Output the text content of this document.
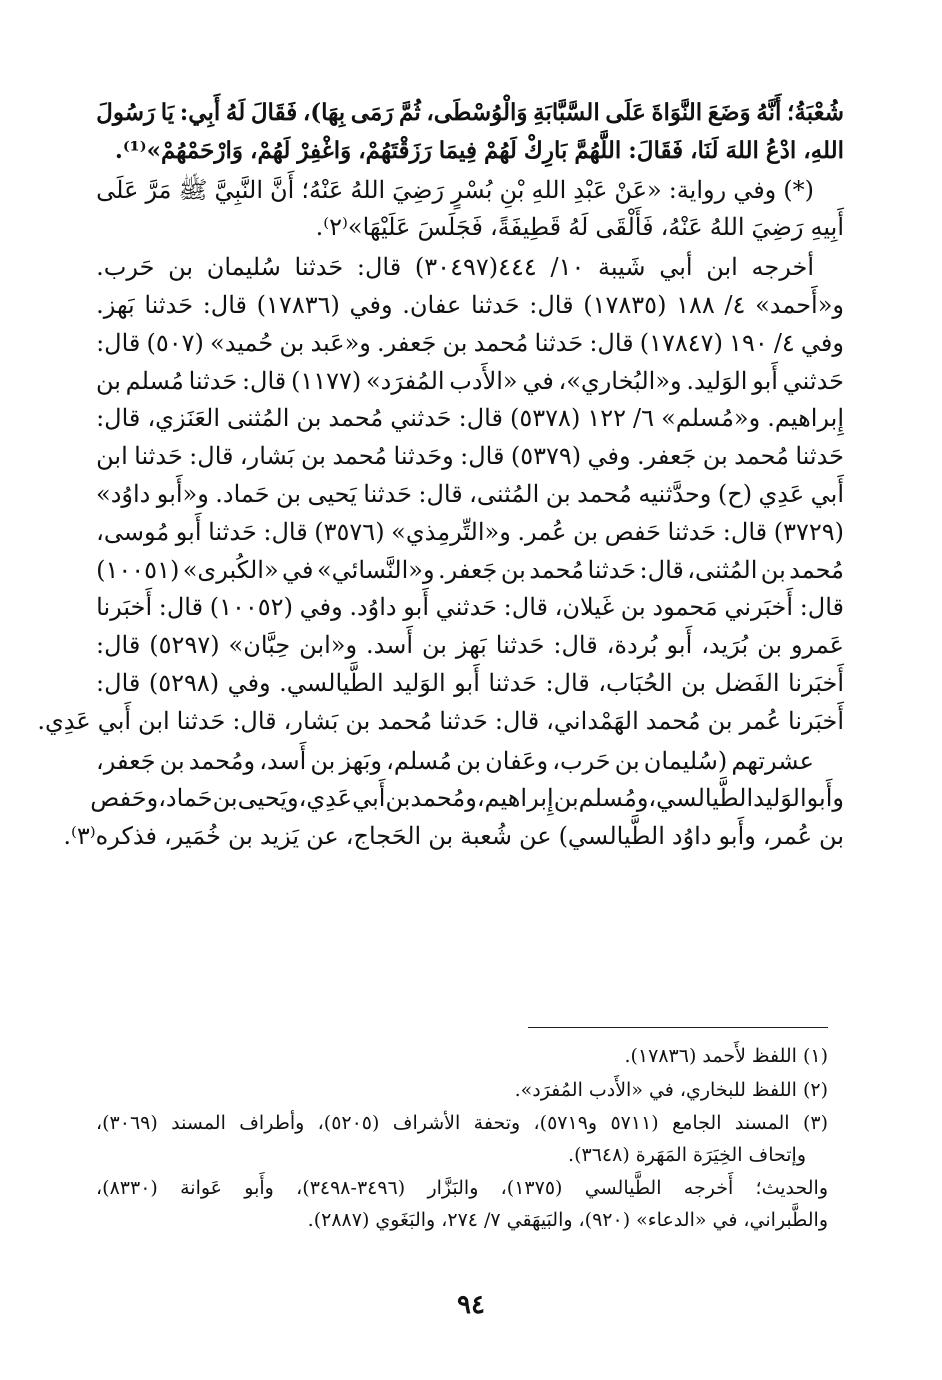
شُعْبَةُ؛
أَنَّهُ
وَضَعَ
النَّوَاةَ
عَلَى
السَّبَّابَةِ
وَالْوُسْطَى،
ثُمَّ
رَمَى
بِهَا)،
فَقَالَ
لَهُ
أَبِي:
يَا
رَسُولَ
اللهِ،
ادْعُ
اللهَ
لَنَا،
فَقَالَ:
اللَّهُمَّ
بَارِكْ
لَهُمْ
فِيمَا
رَزَقْتَهُمْ،
وَاغْفِرْ
لَهُمْ،
وَارْحَمْهُمْ»⁽¹⁾.
(*)
وفي
رواية:
«عَنْ
عَبْدِ
اللهِ
بْنِ
بُسْرٍ
رَضِيَ
اللهُ
عَنْهُ؛
أَنَّ
النَّبِيَّ
ﷺ
مَرَّ
عَلَى
أَبِيهِ
رَضِيَ
اللهُ
عَنْهُ،
فَأَلْقَى
لَهُ
قَطِيفَةً،
فَجَلَسَ
عَلَيْهَا»⁽٢⁾.
أخرجه
ابن
أبي
شَيبة
١٠/
٤٤٤(٣٠٤٩٧)
قال:
حَدثنا
سُليمان
بن
حَرب.
و«أَحمد»
٤/
١٨٨
(١٧٨٣٥)
قال:
حَدثنا
عفان.
وفي
(١٧٨٣٦)
قال:
حَدثنا
بَهز.
وفي
٤/
١٩٠
(١٧٨٤٧)
قال:
حَدثنا
مُحمد
بن
جَعفر.
و«عَبد
بن
حُميد»
(٥٠٧)
قال:
حَدثني
أَبو
الوَليد.
و«البُخاري»،
في
«الأَدب
المُفرَد»
(١١٧٧)
قال:
حَدثنا
مُسلم
بن
إِبراهيم.
و«مُسلم»
٦/
١٢٢
(٥٣٧٨)
قال:
حَدثني
مُحمد
بن
المُثنى
العَنَزي،
قال:
حَدثنا
مُحمد
بن
جَعفر.
وفي
(٥٣٧٩)
قال:
وحَدثنا
مُحمد
بن
بَشار،
قال:
حَدثنا
ابن
أَبي
عَدِي
(ح)
وحدَّثنيه
مُحمد
بن
المُثنى،
قال:
حَدثنا
يَحيى
بن
حَماد.
و«أَبو
داوُد»
(٣٧٢٩)
قال:
حَدثنا
حَفص
بن
عُمر.
و«التِّرمِذي»
(٣٥٧٦)
قال:
حَدثنا
أَبو
مُوسى،
مُحمد
بن
المُثنى،
قال:
حَدثنا
مُحمد
بن
جَعفر.
و«النَّسائي»
في
«الكُبرى»
(١٠٠٥١)
قال:
أَخبَرني
مَحمود
بن
غَيلان،
قال:
حَدثني
أَبو
داوُد.
وفي
(١٠٠٥٢)
قال:
أَخبَرنا
عَمرو
بن
بُرَيد،
أَبو
بُردة،
قال:
حَدثنا
بَهز
بن
أَسد.
و«ابن
حِبَّان»
(٥٢٩٧)
قال:
أَخبَرنا
الفَضل
بن
الحُبَاب،
قال:
حَدثنا
أَبو
الوَليد
الطَّيالسي.
وفي
(٥٢٩٨)
قال:
أَخبَرنا
عُمر
بن
مُحمد
الهَمْداني،
قال:
حَدثنا
مُحمد
بن
بَشار،
قال:
حَدثنا
ابن
أَبي
عَدِي.
عشرتهم
(سُليمان
بن
حَرب،
وعَفان
بن
مُسلم،
وبَهز
بن
أَسد،
ومُحمد
بن
جَعفر،
وأَبو
الوَليد
الطَّيالسي،
ومُسلم
بن
إِبراهيم،
ومُحمد
بن
أَبي
عَدِي،
ويَحيى
بن
حَماد،
وحَفص
بن
عُمر،
وأَبو
داوُد
الطَّيالسي)
عن
شُعبة
بن
الحَجاج،
عن
يَزيد
بن
خُمَير،
فذكره⁽٣⁾.
(١)
اللفظ
لأَحمد
(١٧٨٣٦).
(٢)
اللفظ
للبخاري،
في
«الأَدب
المُفرَد».
(٣)
المسند
الجامع
(٥٧١١
و٥٧١٩)،
وتحفة
الأشراف
(٥٢٠٥)،
وأطراف
المسند
(٣٠٦٩)،
وإتحاف
الخِيَرَة
المَهَرة
(٣٦٤٨).
والحديث؛
أَخرجه
الطَّيالسي
(١٣٧٥)،
والبَزَّار
(٣٤٩٦-٣٤٩٨)،
وأَبو
عَوانة
(٨٣٣٠)،
والطَّبراني،
في
«الدعاء»
(٩٢٠)،
والبَيهَقي
٧/
٢٧٤،
والبَغَوي
(٢٨٨٧).
٩٤
